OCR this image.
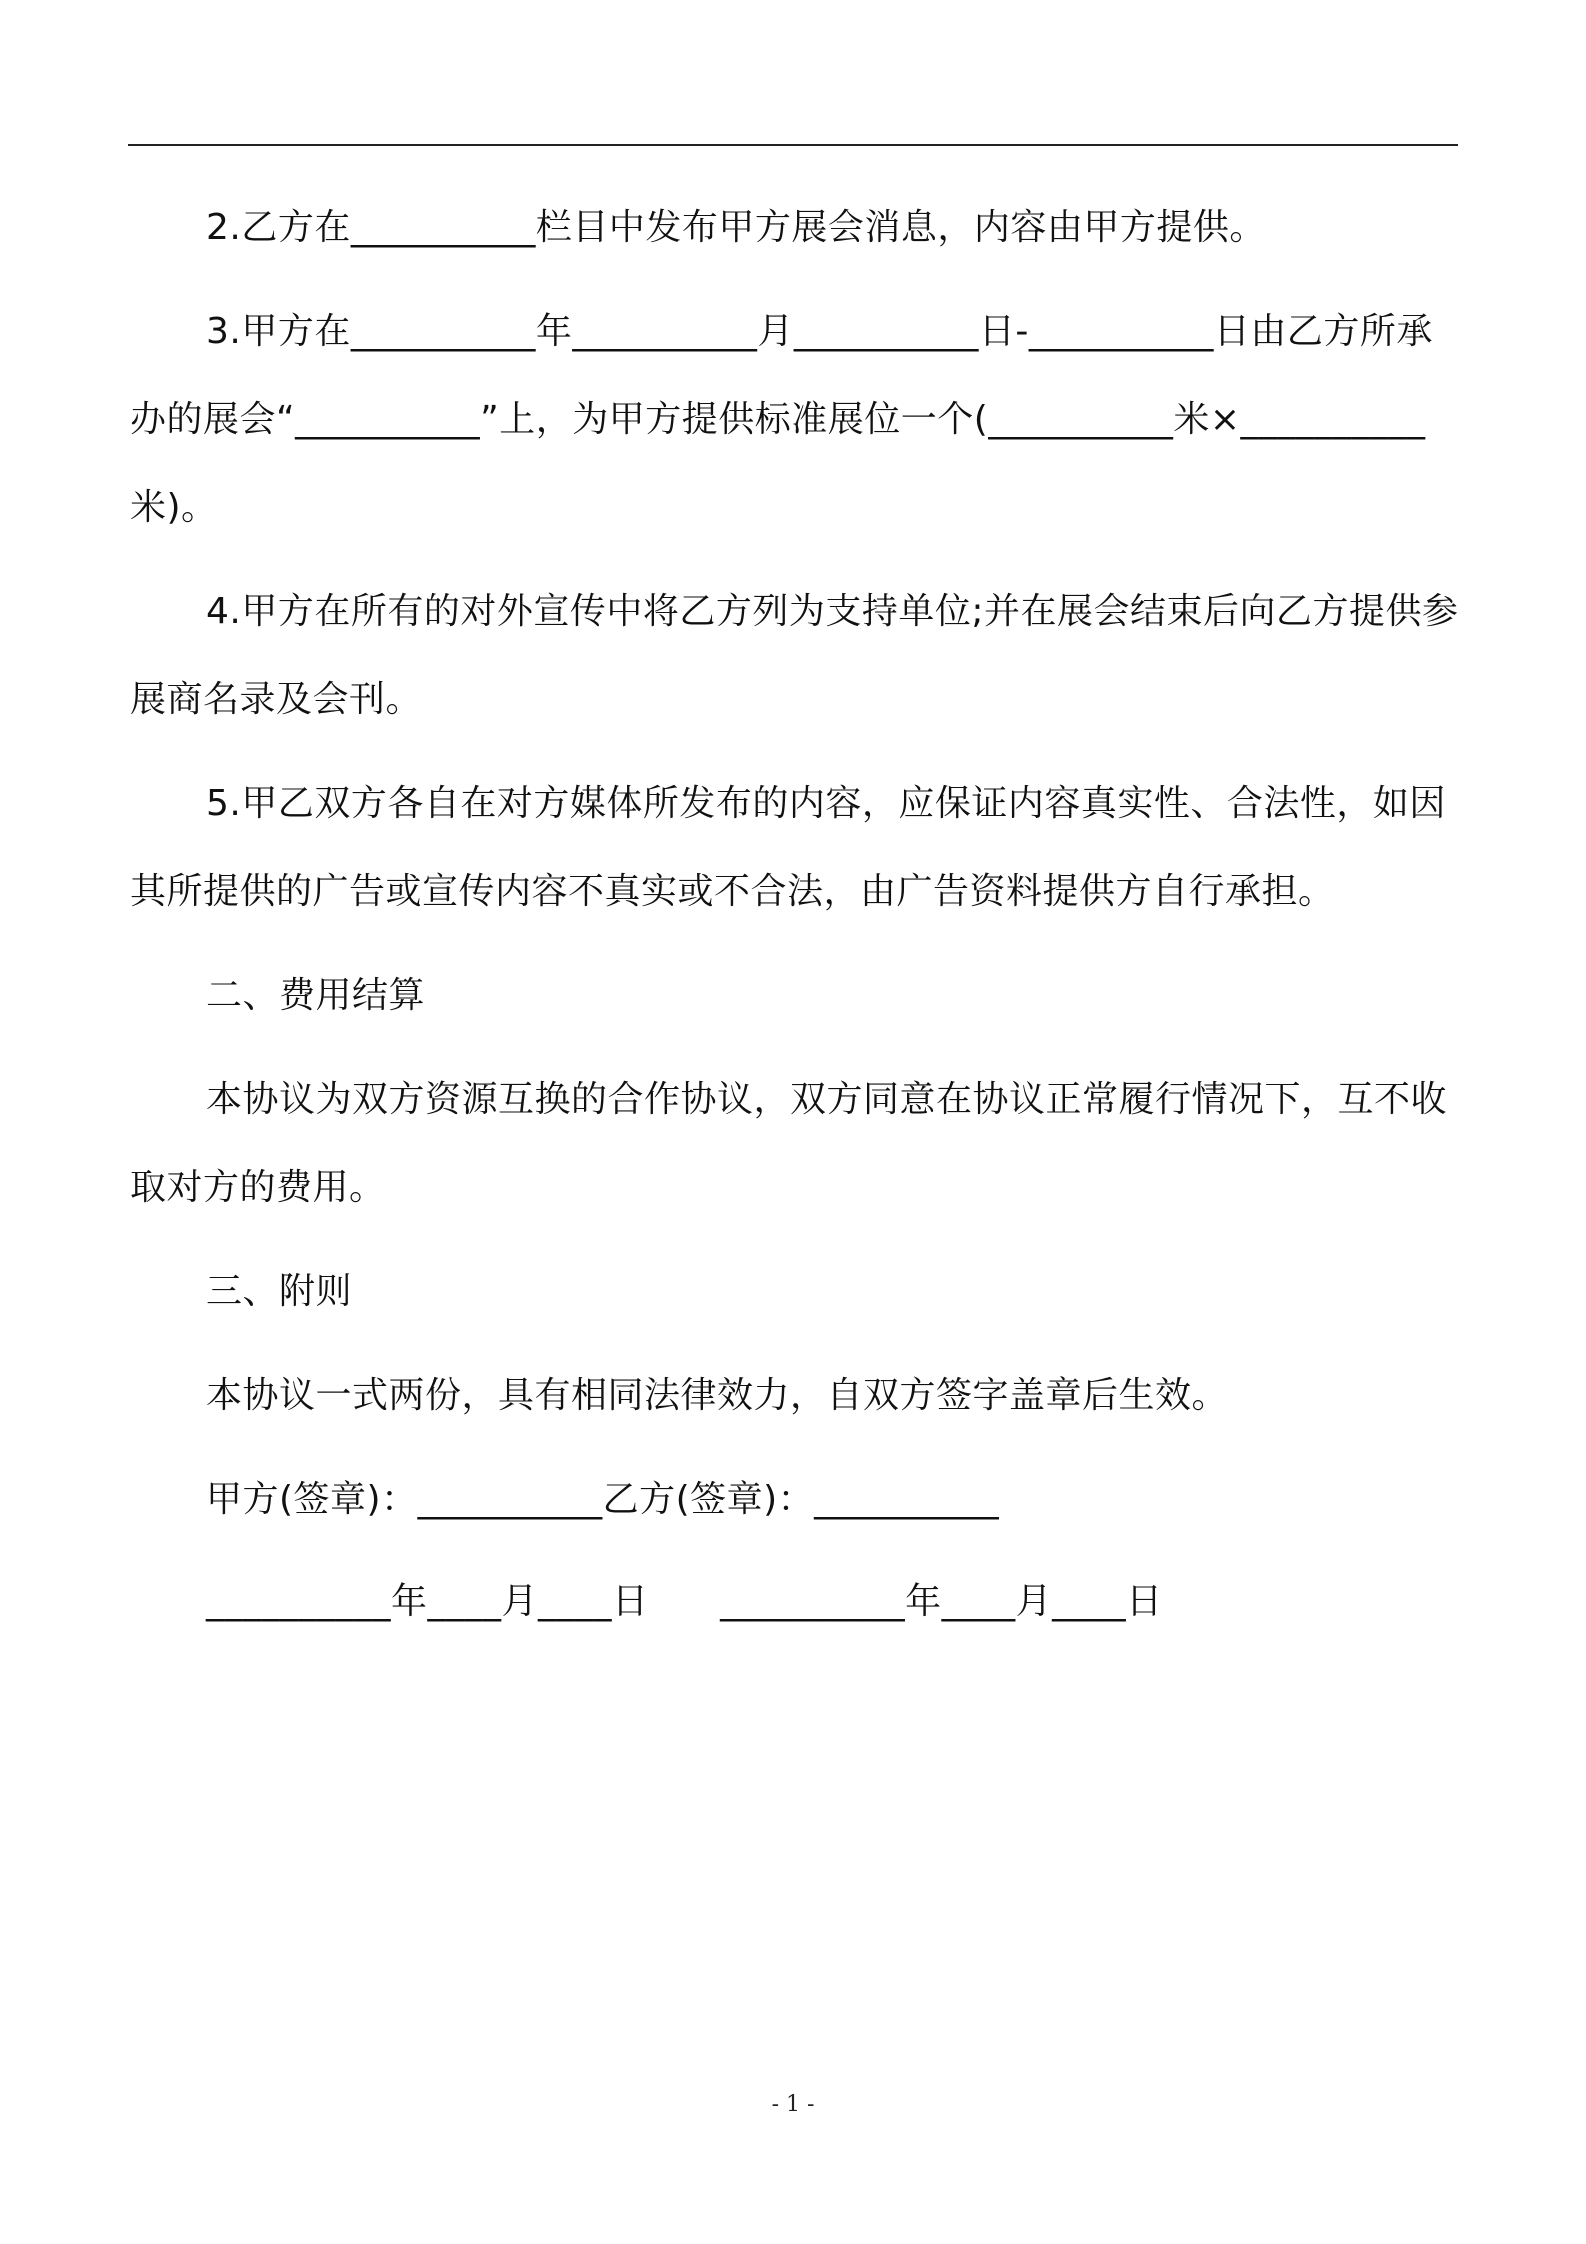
2.乙方在__________栏目中发布甲方展会消息，内容由甲方提供。

3.甲方在__________年__________月__________日-__________日由乙方所承办的展会“__________”上，为甲方提供标准展位一个(__________米×__________米)。

4.甲方在所有的对外宣传中将乙方列为支持单位;并在展会结束后向乙方提供参展商名录及会刊。

5.甲乙双方各自在对方媒体所发布的内容，应保证内容真实性、合法性，如因其所提供的广告或宣传内容不真实或不合法，由广告资料提供方自行承担。

二、费用结算

本协议为双方资源互换的合作协议，双方同意在协议正常履行情况下，互不收取对方的费用。

三、附则

本协议一式两份，具有相同法律效力，自双方签字盖章后生效。

甲方(签章)：__________乙方(签章)：__________
__________年____月____日      __________年____月____日
- 1 -
